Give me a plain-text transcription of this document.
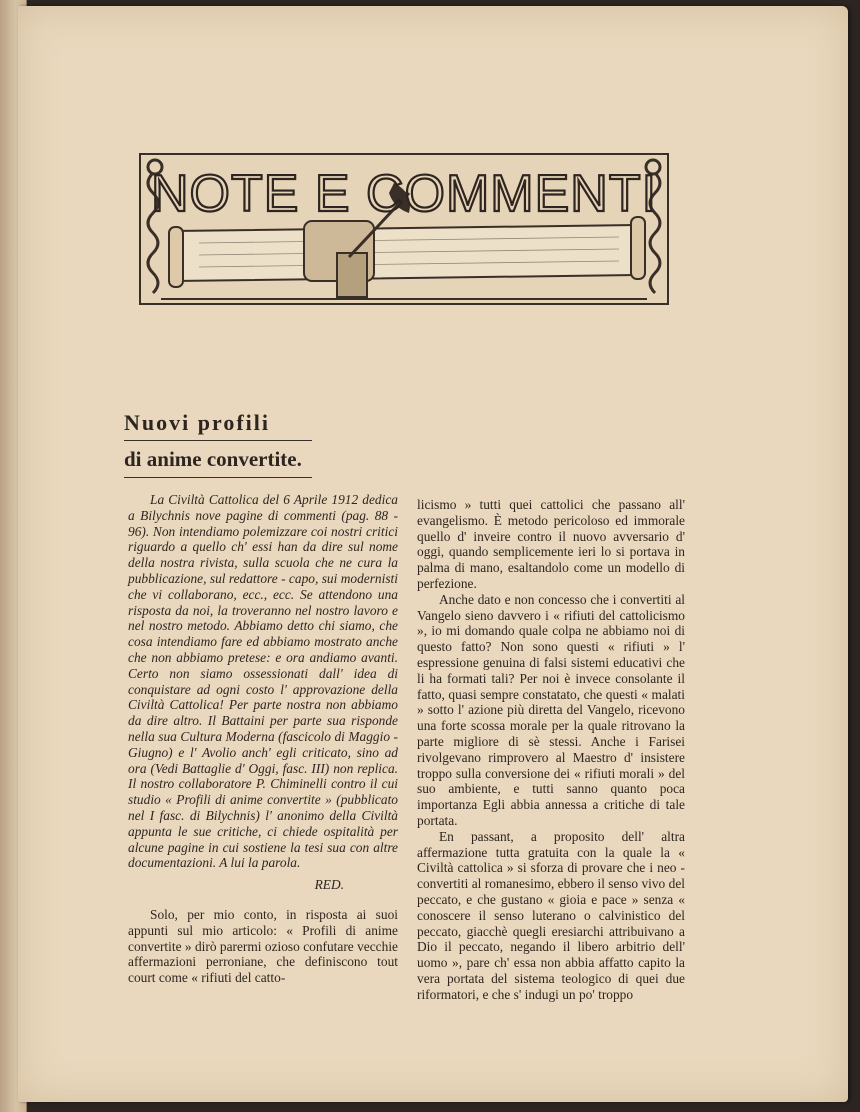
NOTE E COMMENTI
Nuovi profili
di anime convertite.

La Civiltà Cattolica del 6 Aprile 1912 dedica a Bilychnis nove pagine di commenti (pag. 88 - 96). Non intendiamo polemizzare coi nostri critici riguardo a quello ch' essi han da dire sul nome della nostra rivista, sulla scuola che ne cura la pubblicazione, sul redattore - capo, sui modernisti che vi collaborano, ecc., ecc. Se attendono una risposta da noi, la troveranno nel nostro lavoro e nel nostro metodo. Abbiamo detto chi siamo, che cosa intendiamo fare ed abbiamo mostrato anche che non abbiamo pretese: e ora andiamo avanti. Certo non siamo ossessionati dall' idea di conquistare ad ogni costo l' approvazione della Civiltà Cattolica! Per parte nostra non abbiamo da dire altro. Il Battaini per parte sua risponde nella sua Cultura Moderna (fascicolo di Maggio - Giugno) e l' Avolio anch' egli criticato, sino ad ora (Vedi Battaglie d' Oggi, fasc. III) non replica. Il nostro collaboratore P. Chiminelli contro il cui studio « Profili di anime convertite » (pubblicato nel I fasc. di Bilychnis) l' anonimo della Civiltà appunta le sue critiche, ci chiede ospitalità per alcune pagine in cui sostiene la tesi sua con altre documentazioni. A lui la parola.

RED.

Solo, per mio conto, in risposta ai suoi appunti sul mio articolo: « Profili di anime convertite » dirò parermi ozioso confutare vecchie affermazioni perroniane, che definiscono tout court come « rifiuti del catto-

licismo » tutti quei cattolici che passano all' evangelismo. È metodo pericoloso ed immorale quello d' inveire contro il nuovo avversario d' oggi, quando semplicemente ieri lo si portava in palma di mano, esaltandolo come un modello di perfezione.

Anche dato e non concesso che i convertiti al Vangelo sieno davvero i « rifiuti del cattolicismo », io mi domando quale colpa ne abbiamo noi di questo fatto? Non sono questi « rifiuti » l' espressione genuina di falsi sistemi educativi che li ha formati tali? Per noi è invece consolante il fatto, quasi sempre constatato, che questi « malati » sotto l' azione più diretta del Vangelo, ricevono una forte scossa morale per la quale ritrovano la parte migliore di sè stessi. Anche i Farisei rivolgevano rimprovero al Maestro d' insistere troppo sulla conversione dei « rifiuti morali » del suo ambiente, e tutti sanno quanto poca importanza Egli abbia annessa a critiche di tale portata.

En passant, a proposito dell' altra affermazione tutta gratuita con la quale la « Civiltà cattolica » si sforza di provare che i neo - convertiti al romanesimo, ebbero il senso vivo del peccato, e che gustano « gioia e pace » senza « conoscere il senso luterano o calvinistico del peccato, giacchè quegli eresiarchi attribuivano a Dio il peccato, negando il libero arbitrio dell' uomo », pare ch' essa non abbia affatto capito la vera portata del sistema teologico di quei due riformatori, e che s' indugi un po' troppo
